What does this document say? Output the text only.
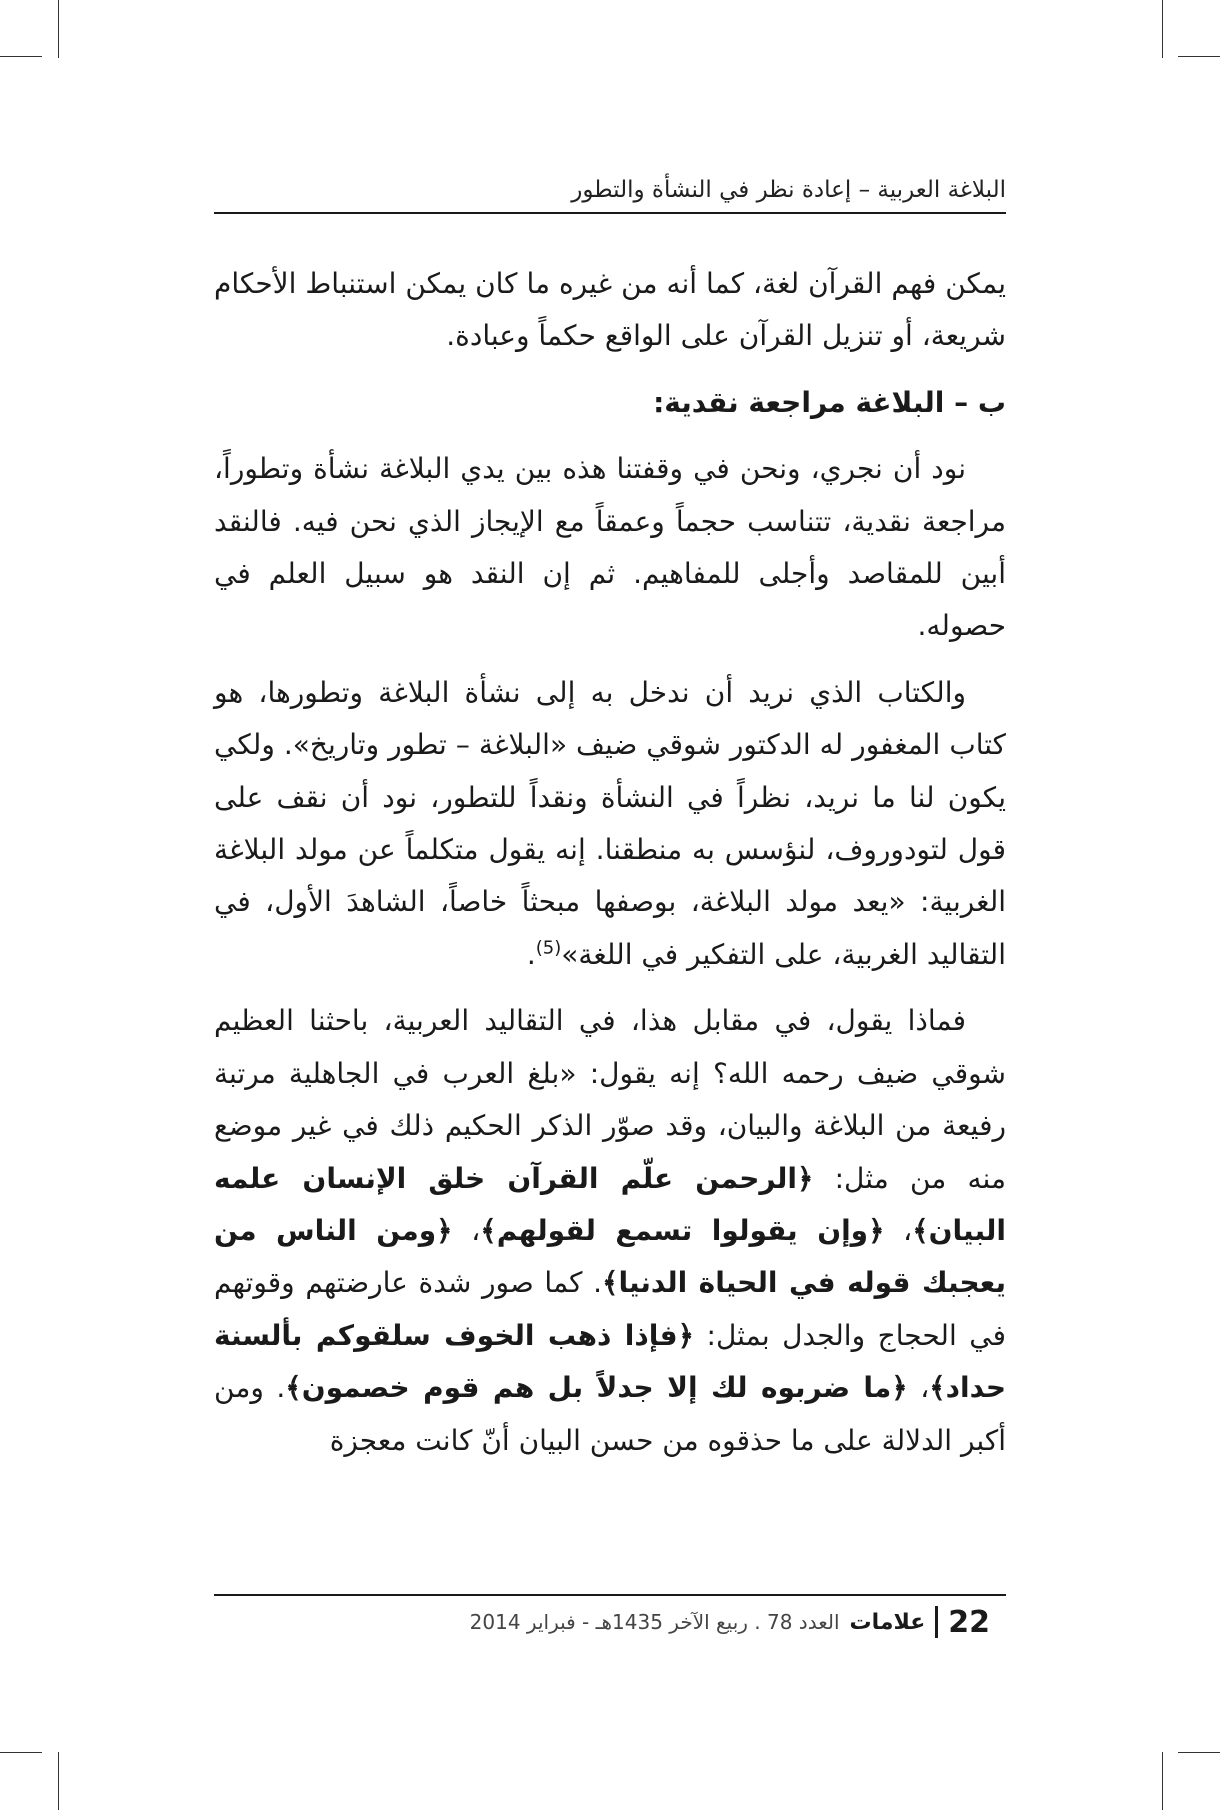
البلاغة العربية – إعادة نظر في النشأة والتطور

يمكن فهم القرآن لغة، كما أنه من غيره ما كان يمكن استنباط الأحكام شريعة، أو تنزيل القرآن على الواقع حكماً وعبادة.

ب – البلاغة مراجعة نقدية:

نود أن نجري، ونحن في وقفتنا هذه بين يدي البلاغة نشأة وتطوراً، مراجعة نقدية، تتناسب حجماً وعمقاً مع الإيجاز الذي نحن فيه. فالنقد أبين للمقاصد وأجلى للمفاهيم. ثم إن النقد هو سبيل العلم في حصوله.

والكتاب الذي نريد أن ندخل به إلى نشأة البلاغة وتطورها، هو كتاب المغفور له الدكتور شوقي ضيف «البلاغة – تطور وتاريخ». ولكي يكون لنا ما نريد، نظراً في النشأة ونقداً للتطور، نود أن نقف على قول لتودوروف، لنؤسس به منطقنا. إنه يقول متكلماً عن مولد البلاغة الغربية: «يعد مولد البلاغة، بوصفها مبحثاً خاصاً، الشاهدَ الأول، في التقاليد الغربية، على التفكير في اللغة»$^{(5)}$.

فماذا يقول، في مقابل هذا، في التقاليد العربية، باحثنا العظيم شوقي ضيف رحمه الله؟ إنه يقول: «بلغ العرب في الجاهلية مرتبة رفيعة من البلاغة والبيان، وقد صوّر الذكر الحكيم ذلك في غير موضع منه من مثل: ﴿الرحمن علّم القرآن خلق الإنسان علمه البيان﴾، ﴿وإن يقولوا تسمع لقولهم﴾، ﴿ومن الناس من يعجبك قوله في الحياة الدنيا﴾. كما صور شدة عارضتهم وقوتهم في الحجاج والجدل بمثل: ﴿فإذا ذهب الخوف سلقوكم بألسنة حداد﴾، ﴿ما ضربوه لك إلا جدلاً بل هم قوم خصمون﴾. ومن أكبر الدلالة على ما حذقوه من حسن البيان أنّ كانت معجزة

22
علامات
العدد 78 . ربيع الآخر 1435هـ - فبراير 2014
